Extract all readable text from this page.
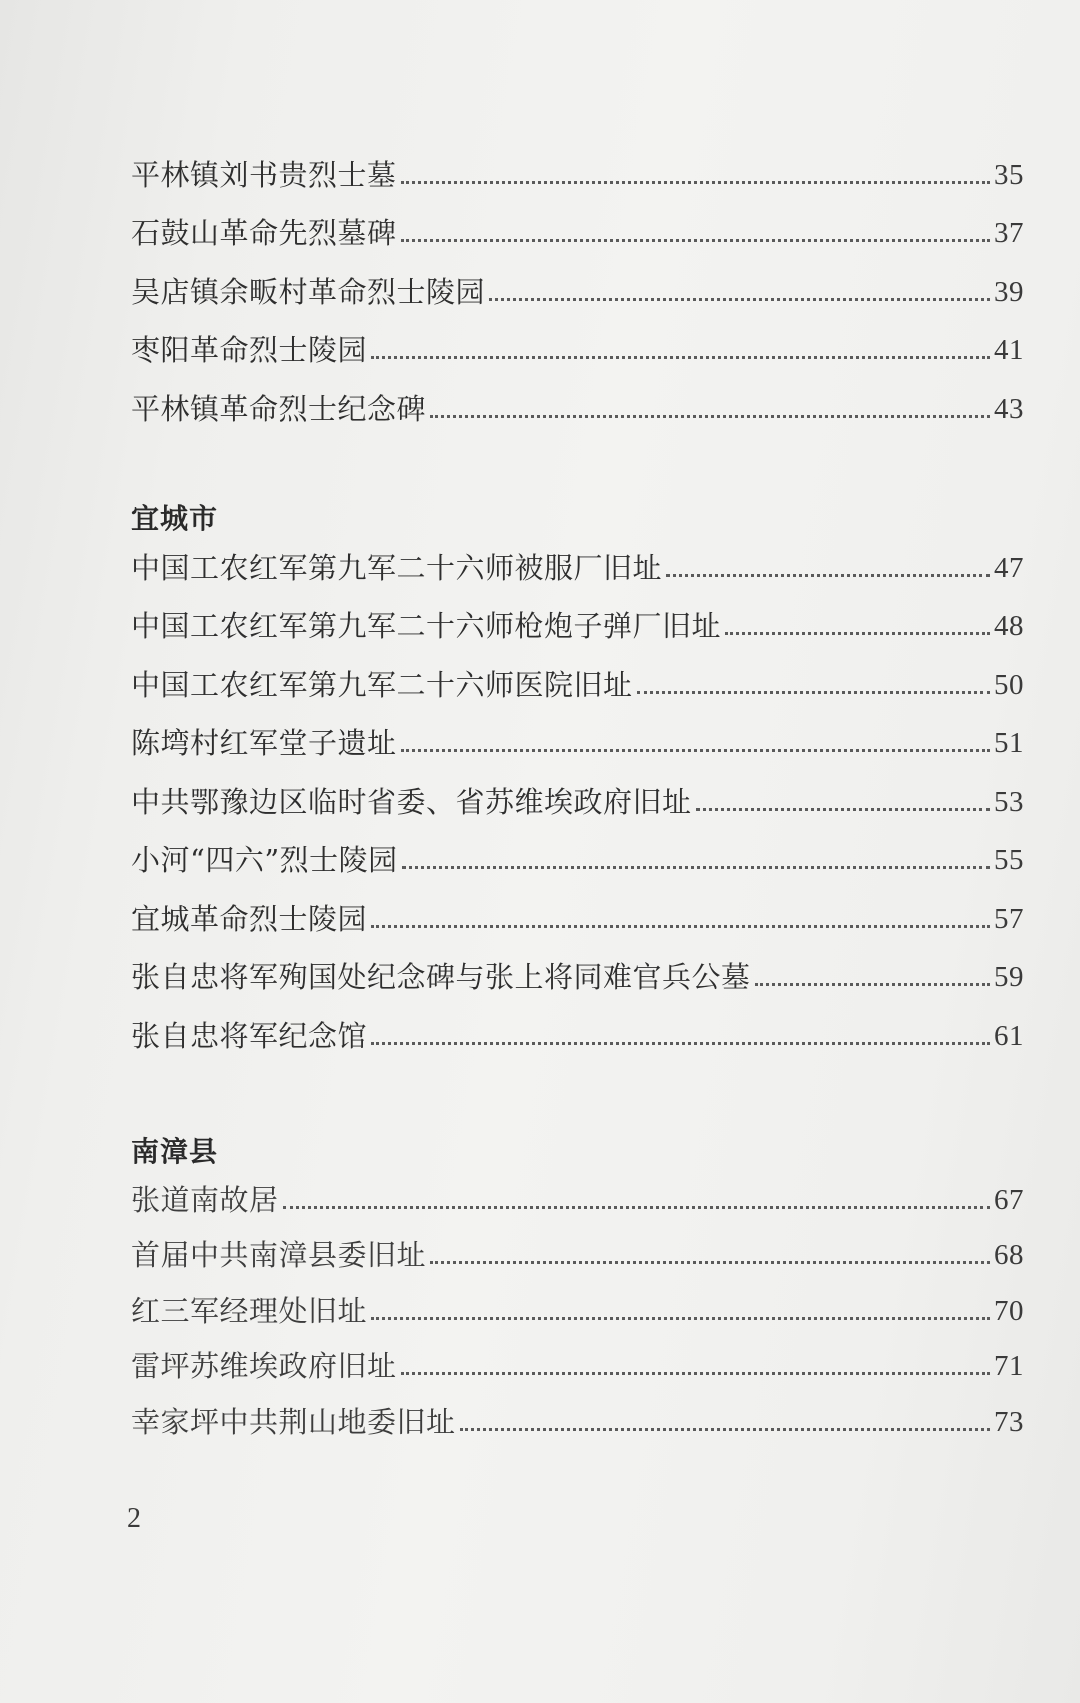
平林镇刘书贵烈士墓	35
石鼓山革命先烈墓碑	37
吴店镇余畈村革命烈士陵园	39
枣阳革命烈士陵园	41
平林镇革命烈士纪念碑	43
宜城市
中国工农红军第九军二十六师被服厂旧址	47
中国工农红军第九军二十六师枪炮子弹厂旧址	48
中国工农红军第九军二十六师医院旧址	50
陈塆村红军堂子遗址	51
中共鄂豫边区临时省委、省苏维埃政府旧址	53
小河“四六”烈士陵园	55
宜城革命烈士陵园	57
张自忠将军殉国处纪念碑与张上将同难官兵公墓	59
张自忠将军纪念馆	61
南漳县
张道南故居	67
首届中共南漳县委旧址	68
红三军经理处旧址	70
雷坪苏维埃政府旧址	71
幸家坪中共荆山地委旧址	73
2
